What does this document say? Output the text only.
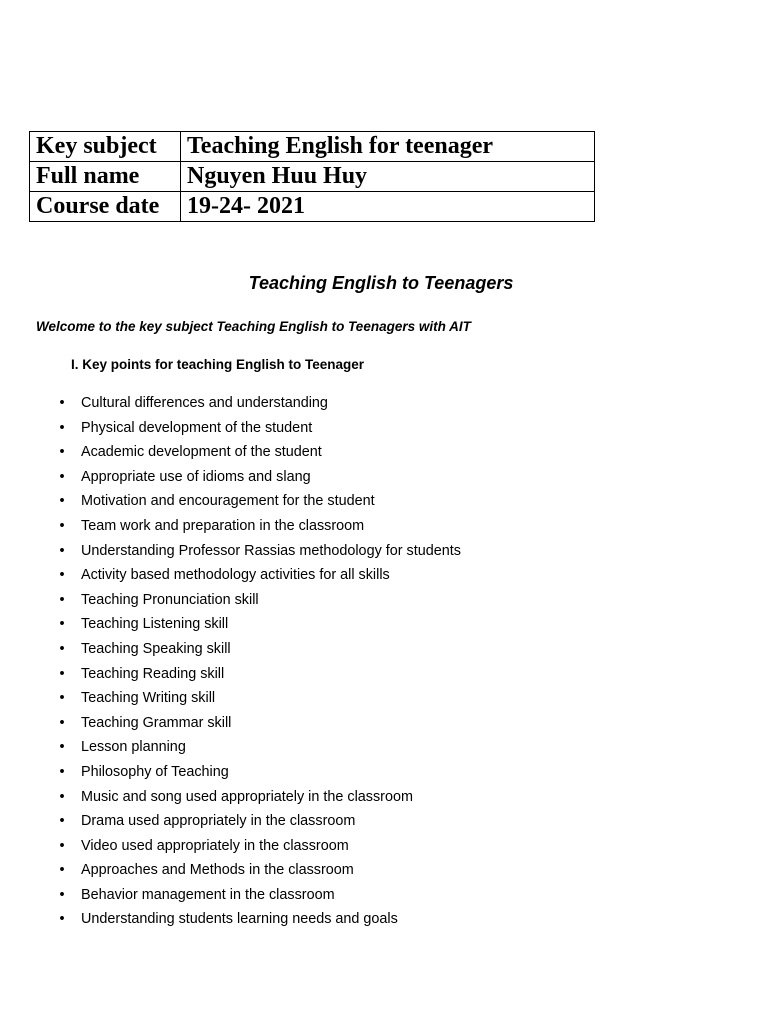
Key subject	Teaching English for teenager
Full name	Nguyen Huu Huy
Course date	19-24- 2021
Teaching English to Teenagers

Welcome to the key subject Teaching English to Teenagers with AIT

I. Key points for teaching English to Teenager
• Cultural differences and understanding
• Physical development of the student
• Academic development of the student
• Appropriate use of idioms and slang
• Motivation and encouragement for the student
• Team work and preparation in the classroom
• Understanding Professor Rassias methodology for students
• Activity based methodology activities for all skills
• Teaching Pronunciation skill
• Teaching Listening skill
• Teaching Speaking skill
• Teaching Reading skill
• Teaching Writing skill
• Teaching Grammar skill
• Lesson planning
• Philosophy of Teaching
• Music and song used appropriately in the classroom
• Drama used appropriately in the classroom
• Video used appropriately in the classroom
• Approaches and Methods in the classroom
• Behavior management in the classroom
• Understanding students learning needs and goals
